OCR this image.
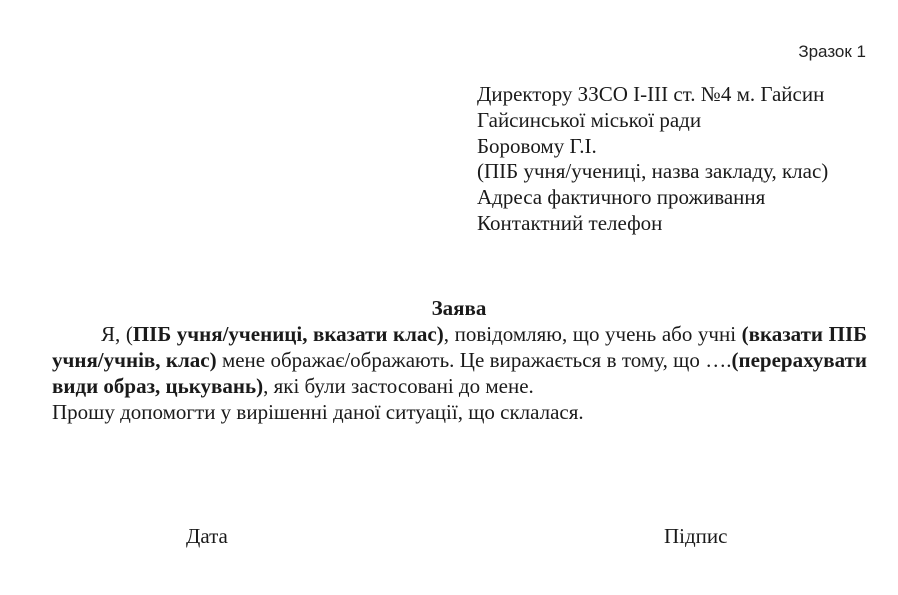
Зразок 1
Директору ЗЗСО I-III ст. №4 м. Гайсин
Гайсинської міської ради
Боровому Г.І.
(ПІБ учня/учениці, назва закладу, клас)
Адреса фактичного проживання
Контактний телефон
Заява

Я, (ПІБ учня/учениці, вказати клас), повідомляю, що учень або учні (вказати ПІБ учня/учнів, клас) мене ображає/ображають. Це виражається в тому, що ….(перерахувати види образ, цькувань), які були застосовані до мене.

Прошу допомогти у вирішенні даної ситуації, що склалася.

Дата	Підпис
